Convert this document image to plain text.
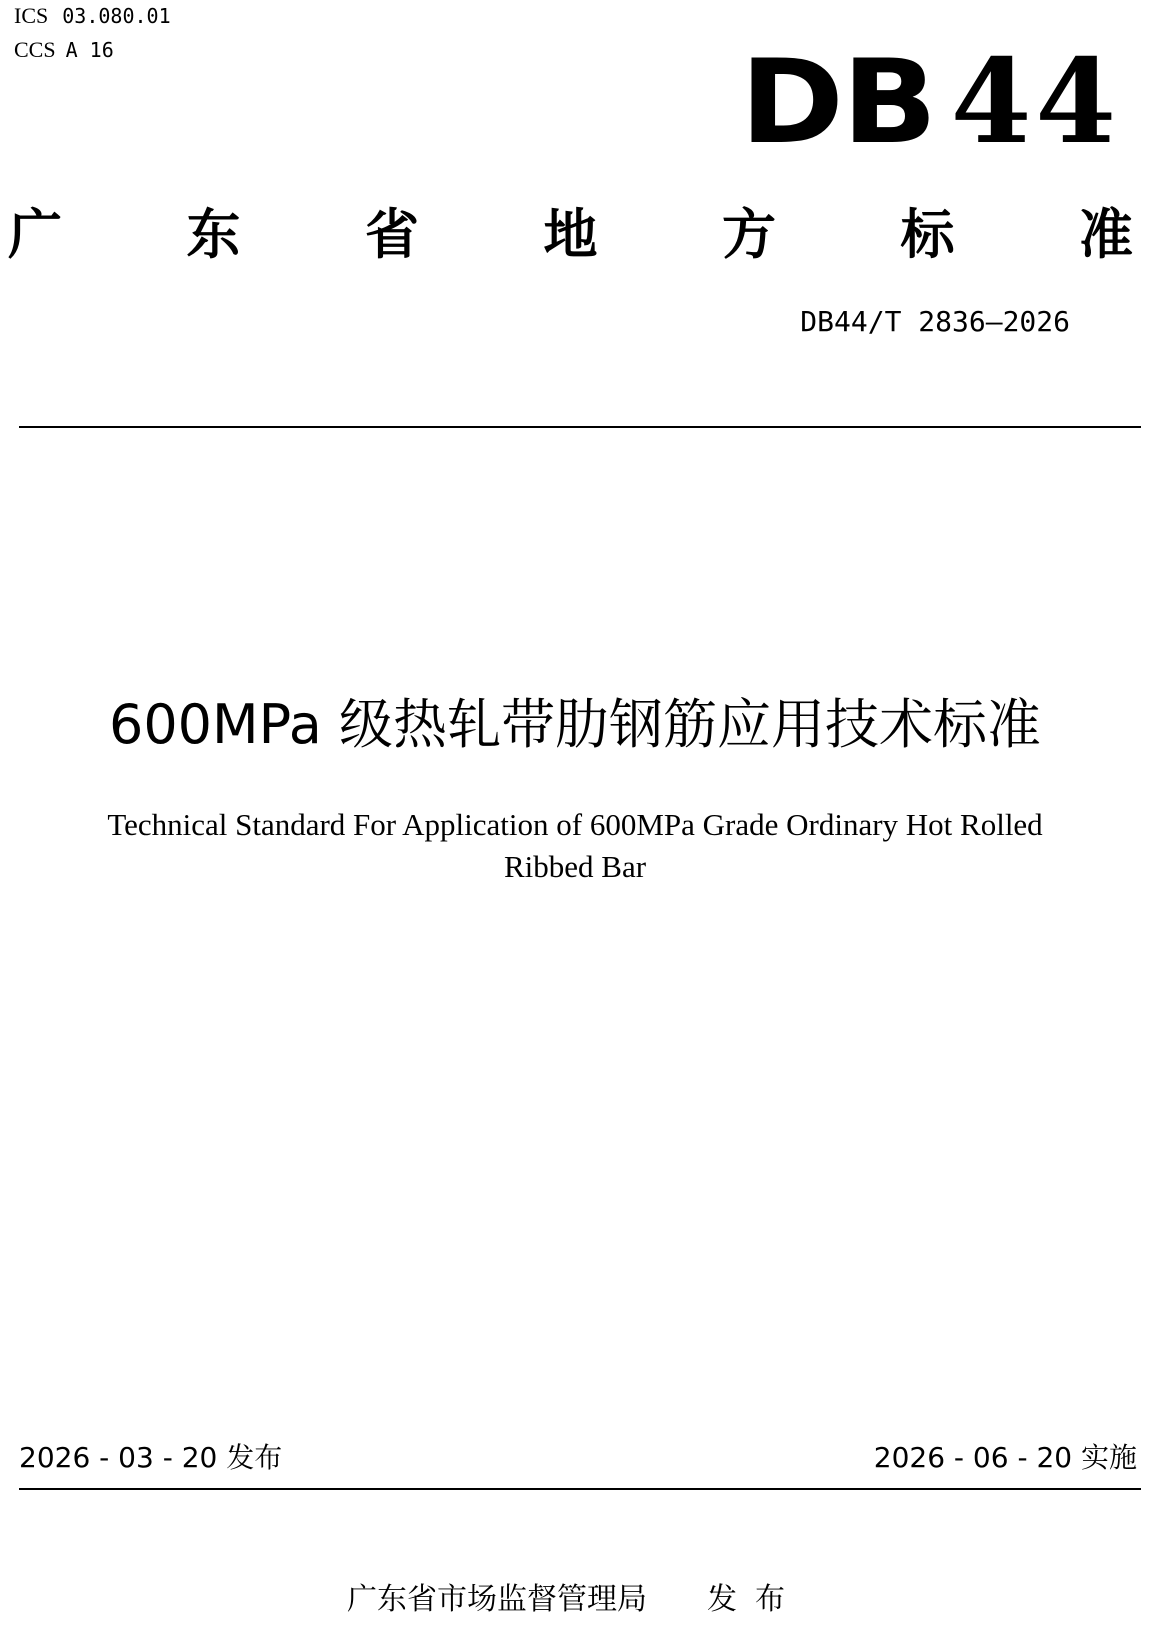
ICS 03.080.01
CCS A 16	DB 44
广 东 省 地 方 标 准
DB44/T 2836—2026
600MPa 级热轧带肋钢筋应用技术标准
Technical Standard For Application of 600MPa Grade Ordinary Hot Rolled Ribbed Bar
2026 - 03 - 20 发布	2026 - 06 - 20 实施
广东省市场监督管理局 发布
